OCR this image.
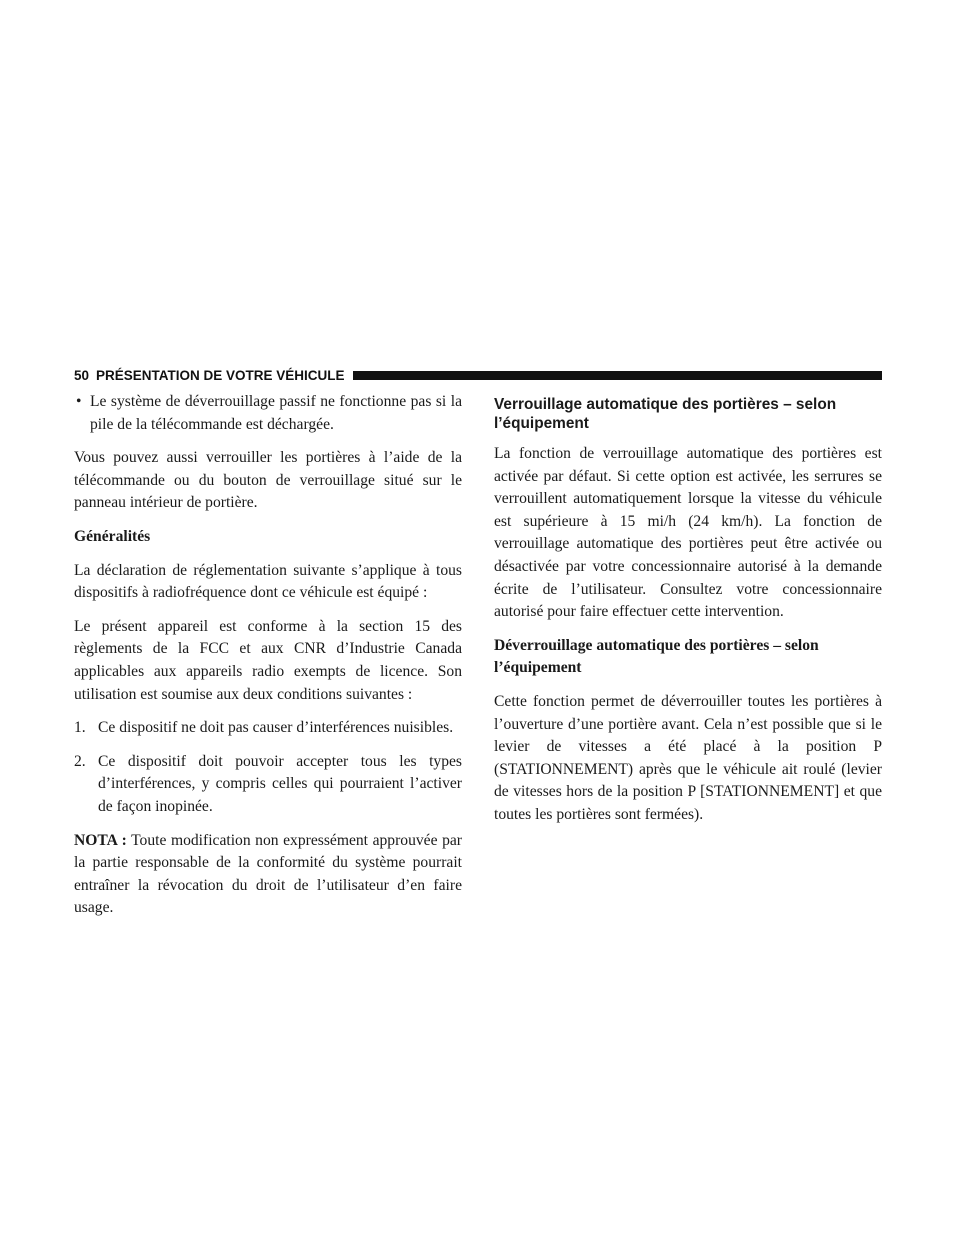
50 PRÉSENTATION DE VOTRE VÉHICULE
• Le système de déverrouillage passif ne fonctionne pas si la pile de la télécommande est déchargée.

Vous pouvez aussi verrouiller les portières à l’aide de la télécommande ou du bouton de verrouillage situé sur le panneau intérieur de portière.

Généralités

La déclaration de réglementation suivante s’applique à tous dispositifs à radiofréquence dont ce véhicule est équipé :

Le présent appareil est conforme à la section 15 des règlements de la FCC et aux CNR d’Industrie Canada applicables aux appareils radio exempts de licence. Son utilisation est soumise aux deux conditions suivantes :

1. Ce dispositif ne doit pas causer d’interférences nuisibles.
2. Ce dispositif doit pouvoir accepter tous les types d’interférences, y compris celles qui pourraient l’activer de façon inopinée.

NOTA : Toute modification non expressément approuvée par la partie responsable de la conformité du système pourrait entraîner la révocation du droit de l’utilisateur d’en faire usage.

Verrouillage automatique des portières – selon l’équipement

La fonction de verrouillage automatique des portières est activée par défaut. Si cette option est activée, les serrures se verrouillent automatiquement lorsque la vitesse du véhicule est supérieure à 15 mi/h (24 km/h). La fonction de verrouillage automatique des portières peut être activée ou désactivée par votre concessionnaire autorisé à la demande écrite de l’utilisateur. Consultez votre concessionnaire autorisé pour faire effectuer cette intervention.

Déverrouillage automatique des portières – selon l’équipement

Cette fonction permet de déverrouiller toutes les portières à l’ouverture d’une portière avant. Cela n’est possible que si le levier de vitesses a été placé à la position P (STATIONNEMENT) après que le véhicule ait roulé (levier de vitesses hors de la position P [STATIONNEMENT] et que toutes les portières sont fermées).
